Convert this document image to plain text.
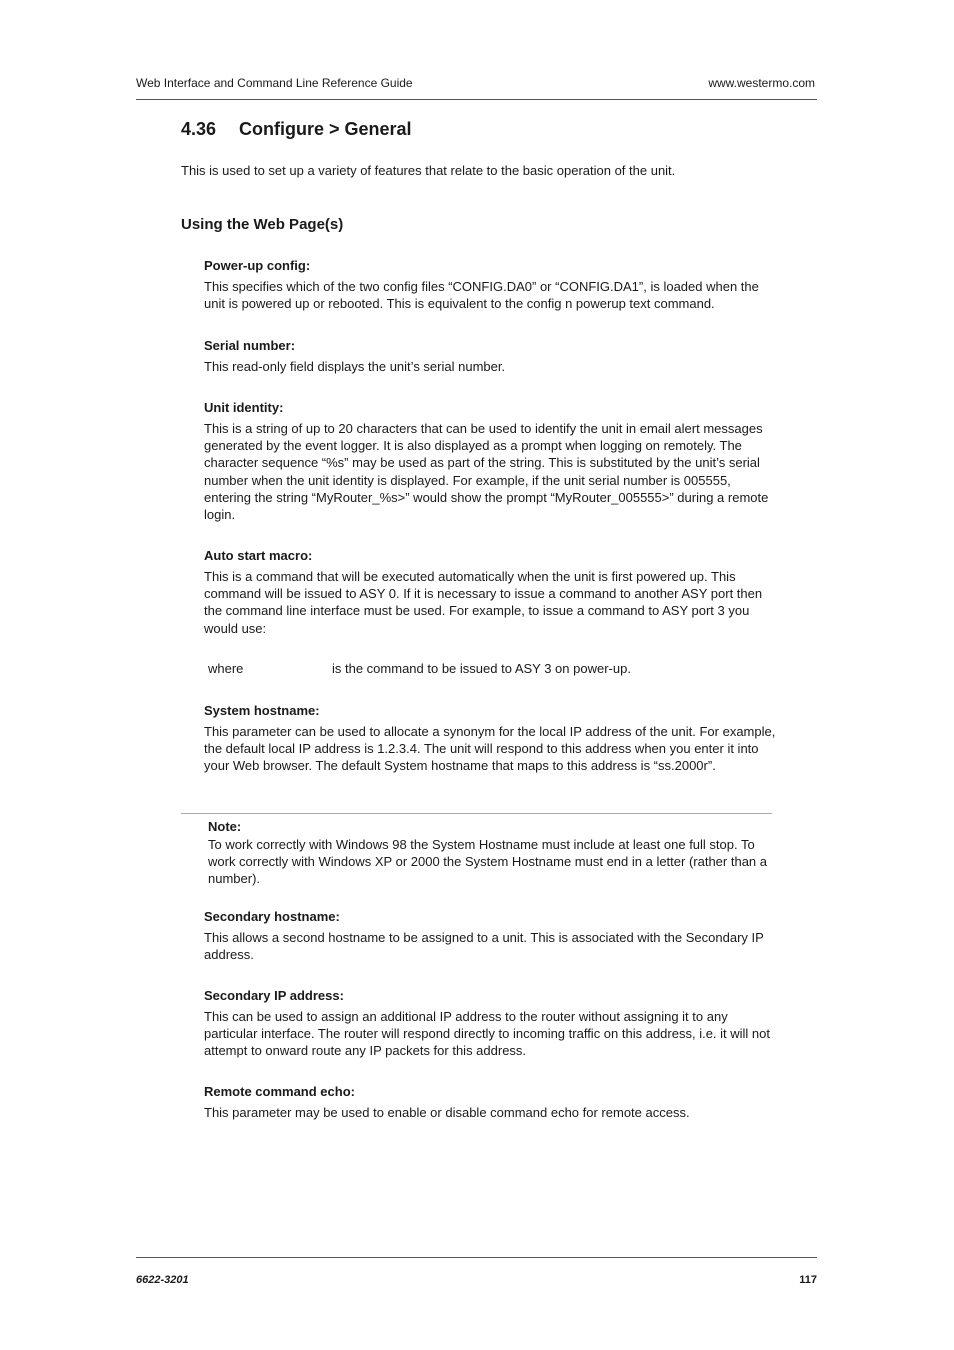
Web Interface and Command Line Reference Guide	www.westermo.com
4.36 Configure > General

This is used to set up a variety of features that relate to the basic operation of the unit.

Using the Web Page(s)
Power-up config:

This specifies which of the two config files “CONFIG.DA0” or “CONFIG.DA1”, is loaded when the unit is powered up or rebooted. This is equivalent to the config n powerup text command.

Serial number:

This read-only field displays the unit’s serial number.

Unit identity:

This is a string of up to 20 characters that can be used to identify the unit in email alert messages generated by the event logger. It is also displayed as a prompt when logging on remotely. The character sequence “%s” may be used as part of the string. This is substituted by the unit’s serial number when the unit identity is displayed. For example, if the unit serial number is 005555, entering the string “MyRouter_%s>” would show the prompt “MyRouter_005555>” during a remote login.

Auto start macro:

This is a command that will be executed automatically when the unit is first powered up. This command will be issued to ASY 0. If it is necessary to issue a command to another ASY port then the command line interface must be used. For example, to issue a command to ASY port 3 you would use:

where	is the command to be issued to ASY 3 on power-up.
System hostname:

This parameter can be used to allocate a synonym for the local IP address of the unit. For example, the default local IP address is 1.2.3.4. The unit will respond to this address when you enter it into your Web browser. The default System hostname that maps to this address is “ss.2000r”.

Note:

To work correctly with Windows 98 the System Hostname must include at least one full stop. To work correctly with Windows XP or 2000 the System Hostname must end in a letter (rather than a number).

Secondary hostname:

This allows a second hostname to be assigned to a unit. This is associated with the Secondary IP address.

Secondary IP address:

This can be used to assign an additional IP address to the router without assigning it to any particular interface. The router will respond directly to incoming traffic on this address, i.e. it will not attempt to onward route any IP packets for this address.

Remote command echo:

This parameter may be used to enable or disable command echo for remote access.

6622-3201	117
